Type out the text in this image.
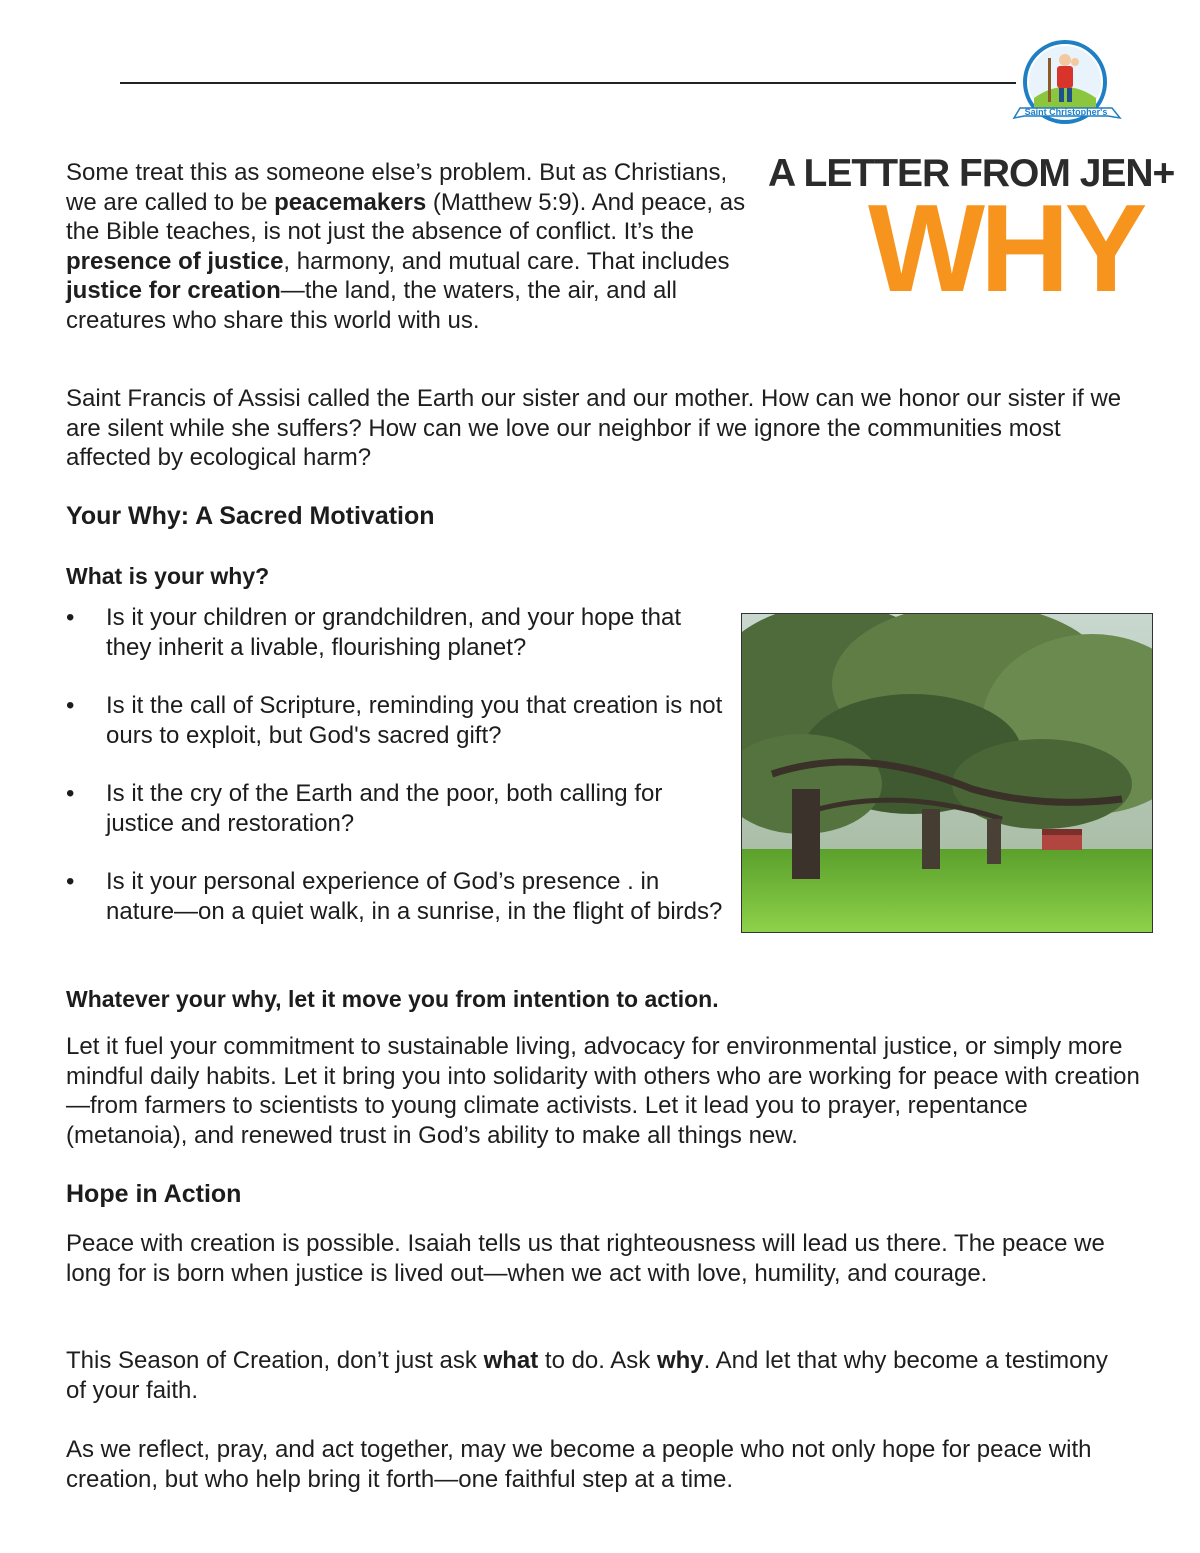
Saint Christopher's
A LETTER FROM JEN+
WHY

Some treat this as someone else’s problem. But as Christians, we are called to be peacemakers (Matthew 5:9). And peace, as the Bible teaches, is not just the absence of conflict. It’s the presence of justice, harmony, and mutual care. That includes justice for creation—the land, the waters, the air, and all creatures who share this world with us.

Saint Francis of Assisi called the Earth our sister and our mother. How can we honor our sister if we are silent while she suffers? How can we love our neighbor if we ignore the communities most affected by ecological harm?

Your Why: A Sacred Motivation
What is your why?
• Is it your children or grandchildren, and your hope that they inherit a livable, flourishing planet?
• Is it the call of Scripture, reminding you that creation is not ours to exploit, but God's sacred gift?
• Is it the cry of the Earth and the poor, both calling for justice and restoration?
• Is it your personal experience of God’s presence . in nature—on a quiet walk, in a sunrise, in the flight of birds?
Whatever your why, let it move you from intention to action.

Let it fuel your commitment to sustainable living, advocacy for environmental justice, or simply more mindful daily habits. Let it bring you into solidarity with others who are working for peace with creation—from farmers to scientists to young climate activists. Let it lead you to prayer, repentance (metanoia), and renewed trust in God’s ability to make all things new.

Hope in Action

Peace with creation is possible. Isaiah tells us that righteousness will lead us there. The peace we long for is born when justice is lived out—when we act with love, humility, and courage.

This Season of Creation, don’t just ask what to do. Ask why. And let that why become a testimony of your faith.

As we reflect, pray, and act together, may we become a people who not only hope for peace with creation, but who help bring it forth—one faithful step at a time.
